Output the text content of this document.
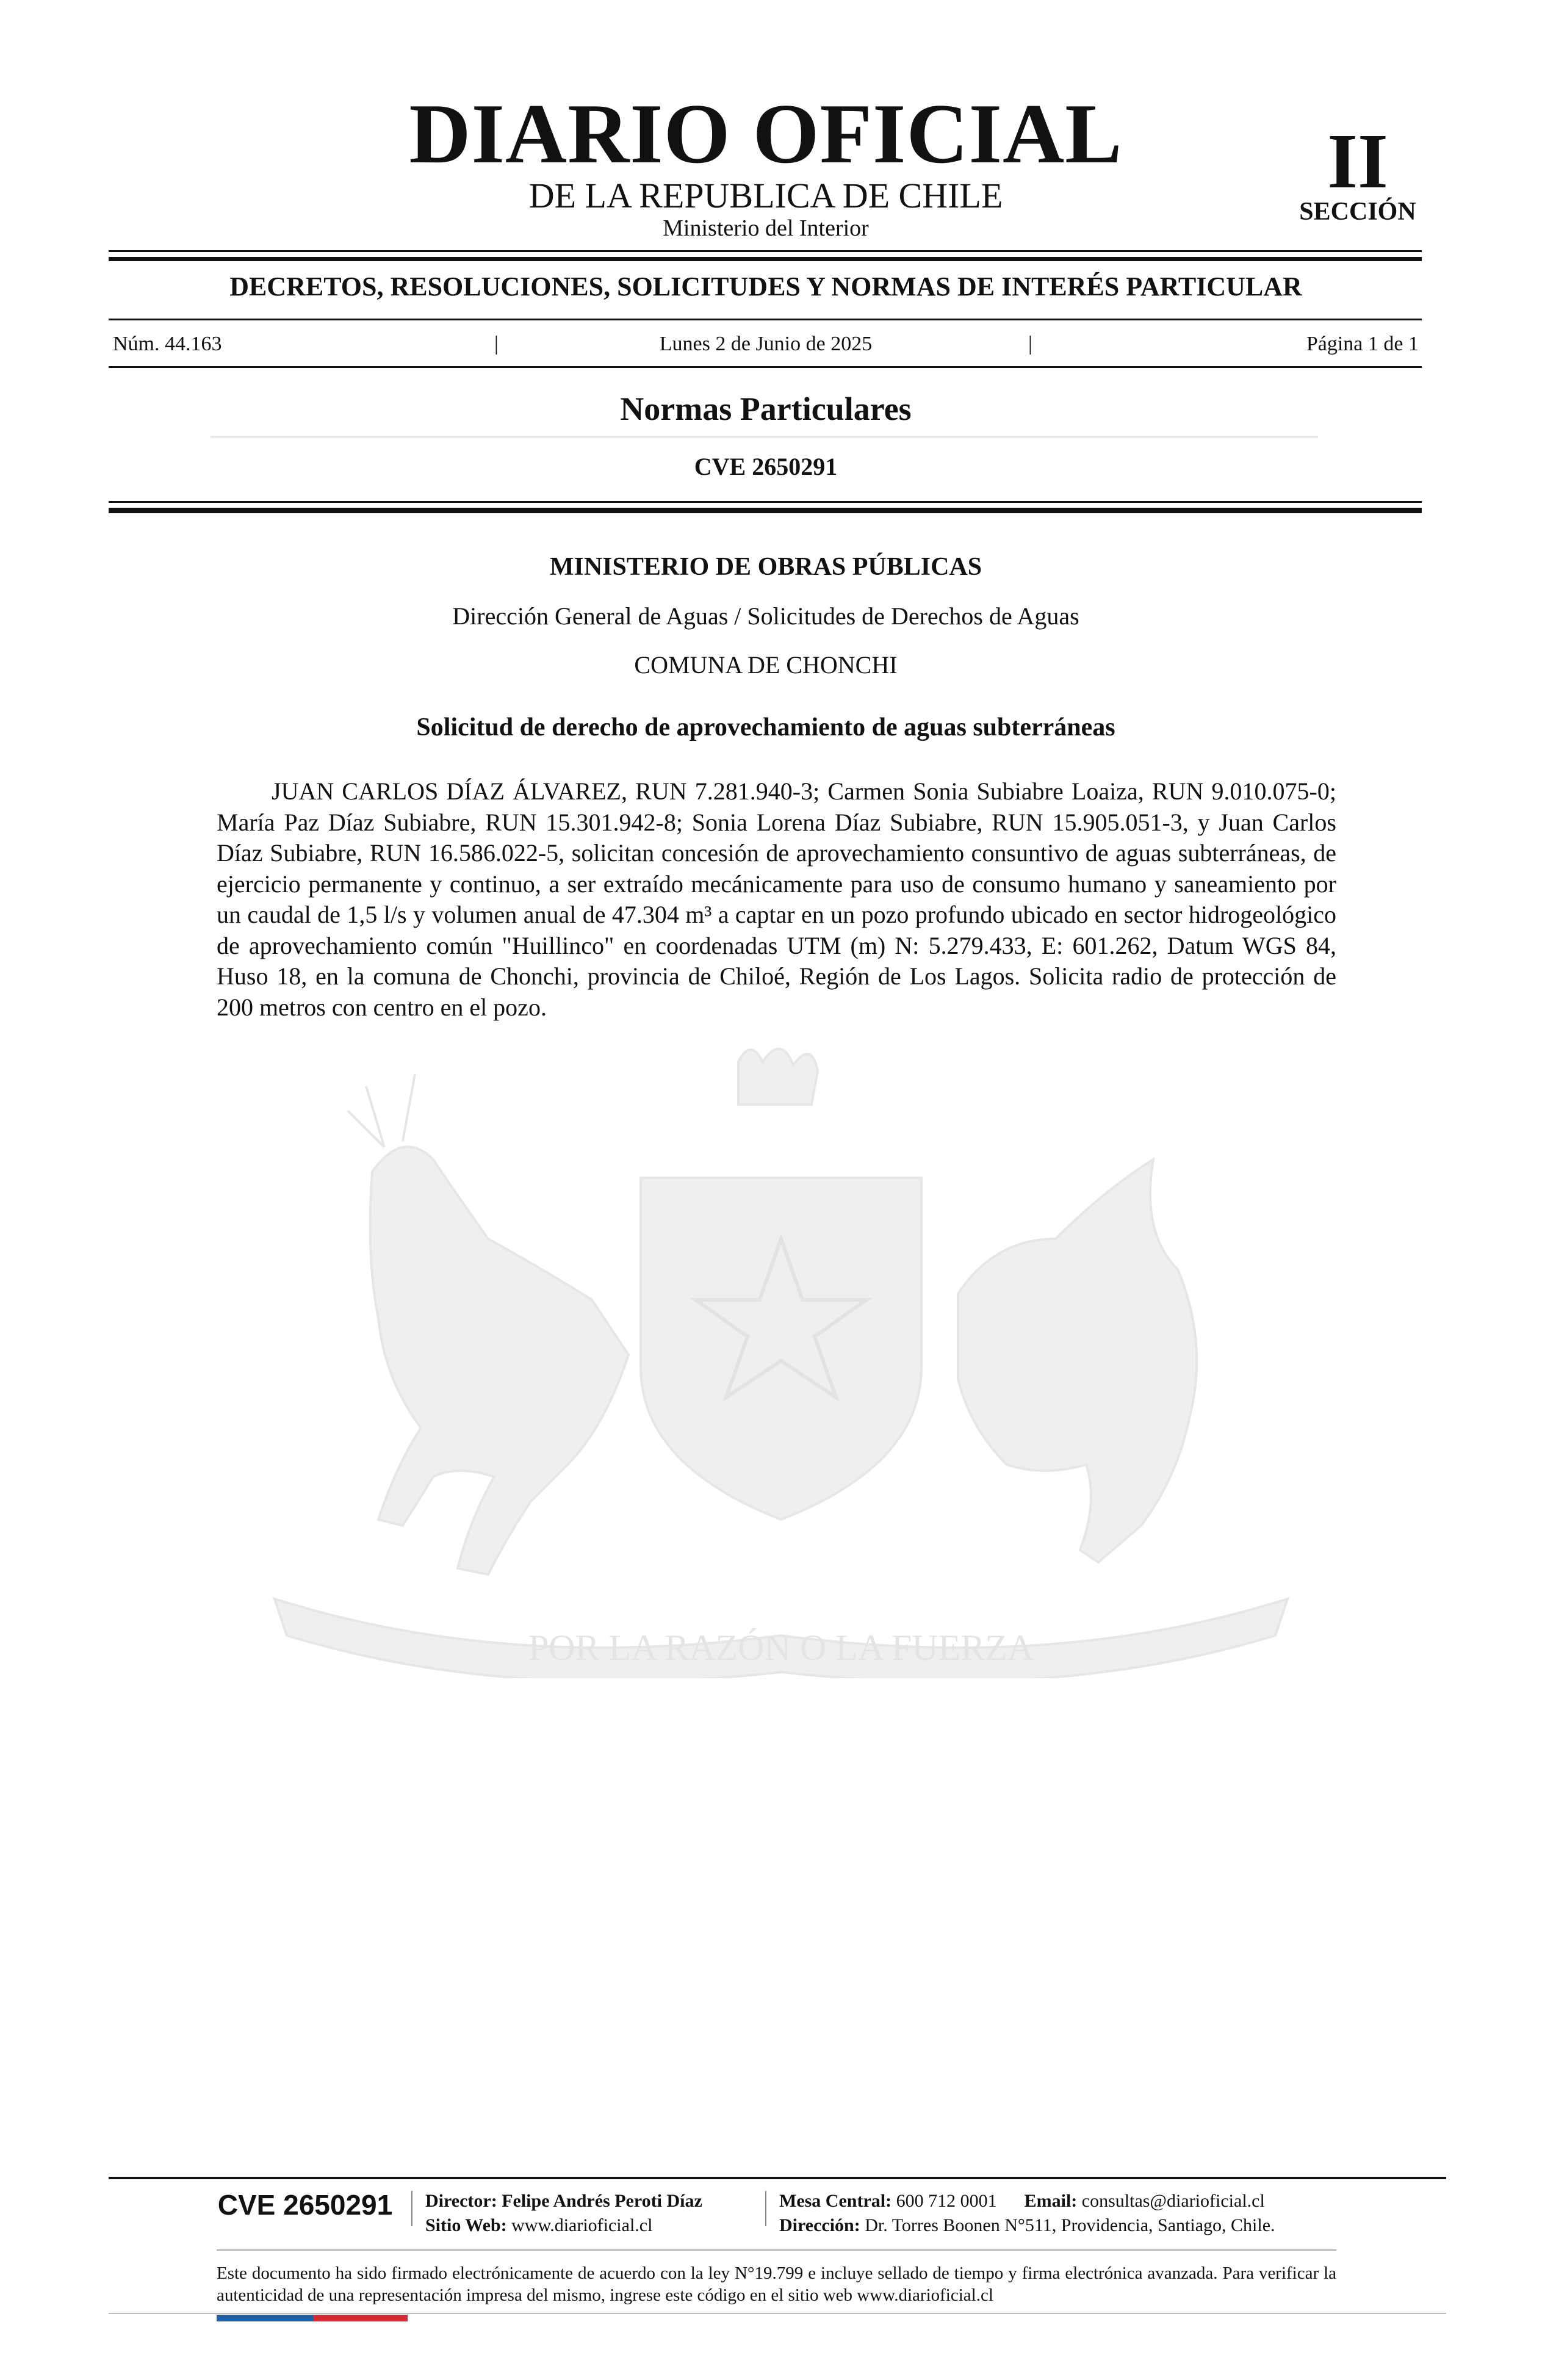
POR LA RAZÓN O LA FUERZA
DIARIO OFICIAL
DE LA REPUBLICA DE CHILE
Ministerio del Interior
II
SECCIÓN
DECRETOS, RESOLUCIONES, SOLICITUDES Y NORMAS DE INTERÉS PARTICULAR
Núm. 44.163	|	Lunes 2 de Junio de 2025	|	Página 1 de 1
Normas Particulares
CVE 2650291
MINISTERIO DE OBRAS PÚBLICAS
Dirección General de Aguas / Solicitudes de Derechos de Aguas
COMUNA DE CHONCHI
Solicitud de derecho de aprovechamiento de aguas subterráneas

JUAN CARLOS DÍAZ ÁLVAREZ, RUN 7.281.940-3; Carmen Sonia Subiabre Loaiza, RUN 9.010.075-0; María Paz Díaz Subiabre, RUN 15.301.942-8; Sonia Lorena Díaz Subiabre, RUN 15.905.051-3, y Juan Carlos Díaz Subiabre, RUN 16.586.022-5, solicitan concesión de aprovechamiento consuntivo de aguas subterráneas, de ejercicio permanente y continuo, a ser extraído mecánicamente para uso de consumo humano y saneamiento por un caudal de 1,5 l/s y volumen anual de 47.304 m³ a captar en un pozo profundo ubicado en sector hidrogeológico de aprovechamiento común "Huillinco" en coordenadas UTM (m) N: 5.279.433, E: 601.262, Datum WGS 84, Huso 18, en la comuna de Chonchi, provincia de Chiloé, Región de Los Lagos. Solicita radio de protección de 200 metros con centro en el pozo.

CVE 2650291	Director: Felipe Andrés Peroti Díaz
Sitio Web: www.diarioficial.cl
Mesa Central: 600 712 0001 Email: consultas@diarioficial.cl
Dirección: Dr. Torres Boonen N°511, Providencia, Santiago, Chile.

Este documento ha sido firmado electrónicamente de acuerdo con la ley N°19.799 e incluye sellado de tiempo y firma electrónica avanzada. Para verificar la autenticidad de una representación impresa del mismo, ingrese este código en el sitio web www.diarioficial.cl
